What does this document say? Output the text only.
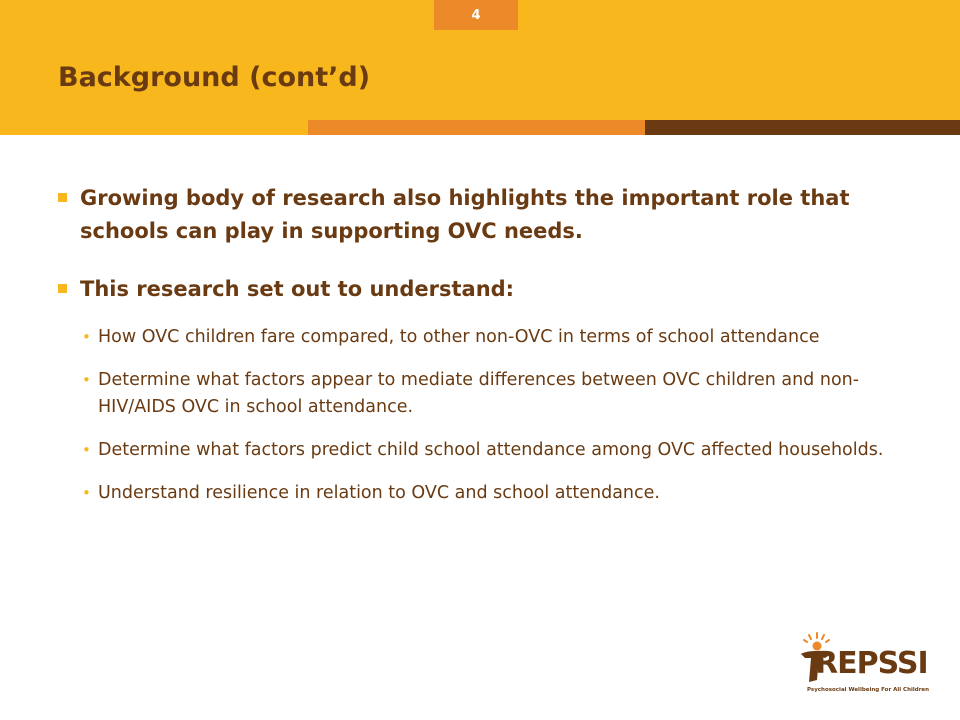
4
Background (cont’d)

Growing body of research also highlights the important role that schools can play in supporting OVC needs.

This research set out to understand:

• How OVC children fare compared, to other non-OVC in terms of school attendance
• Determine what factors appear to mediate differences between OVC children and non-HIV/AIDS OVC in school attendance.
• Determine what factors predict child school attendance among OVC affected households.
• Understand resilience in relation to OVC and school attendance.
REPSSI
Psychosocial Wellbeing For All Children
